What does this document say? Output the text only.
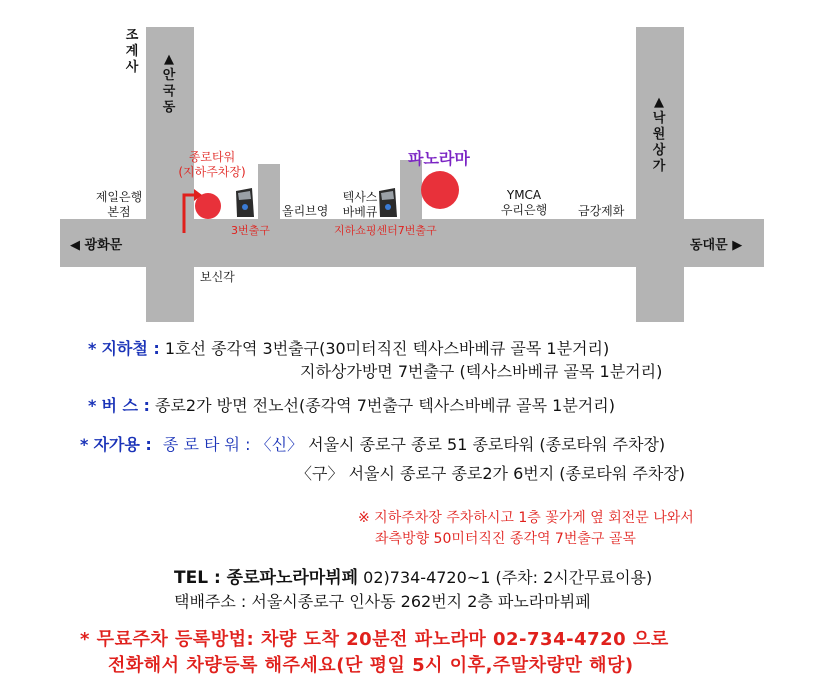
조
계
사
▲
안
국
동	▲
낙
원
상
가
◀ 광화문	동대문 ▶
제일은행
본점
종로타워
(지하주차장)
3번출구
올리브영
텍사스
바베큐
파노라마
지하쇼핑센터7번출구
YMCA
우리은행	금강제화
보신각
* 지하철 : 1호선 종각역 3번출구(30미터직진 텍사스바베큐 골목 1분거리)
지하상가방면 7번출구 (텍사스바베큐 골목 1분거리)
* 버 스 : 종로2가 방면 전노선(종각역 7번출구 텍사스바베큐 골목 1분거리)
* 자가용 : 종 로 타 워 : 〈신〉 서울시 종로구 종로 51 종로타워 (종로타워 주차장)
〈구〉 서울시 종로구 종로2가 6번지 (종로타워 주차장)
※ 지하주차장 주차하시고 1층 꽃가게 옆 회전문 나와서
좌측방향 50미터직진 종각역 7번출구 골목
TEL : 종로파노라마뷔페 02)734-4720~1 (주차: 2시간무료이용)
택배주소 : 서울시종로구 인사동 262번지 2층 파노라마뷔페
* 무료주차 등록방법: 차량 도착 20분전 파노라마 02-734-4720 으로
전화해서 차량등록 해주세요(단 평일 5시 이후,주말차량만 해당)
